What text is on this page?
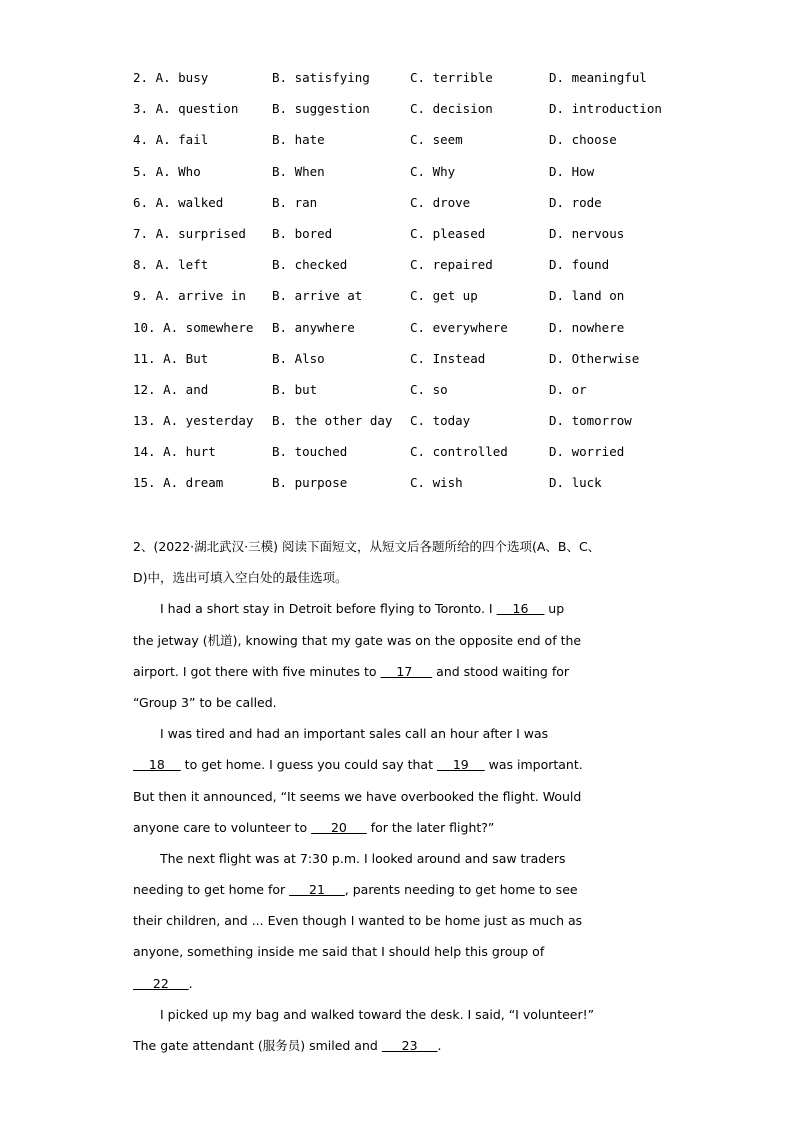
2. A. busy	B. satisfying	C. terrible	D. meaningful
3. A. question	B. suggestion	C. decision	D. introduction
4. A. fail	B. hate	C. seem	D. choose
5. A. Who	B. When	C. Why	D. How
6. A. walked	B. ran	C. drove	D. rode
7. A. surprised B. bored	C. pleased	D. nervous
8. A. left	B. checked	C. repaired	D. found
9. A. arrive in B. arrive at	C. get up	D. land on
10. A. somewhere B. anywhere	C. everywhere	D. nowhere
11. A. But	B. Also	C. Instead	D. Otherwise
12. A. and	B. but	C. so	D. or
13. A. yesterday B. the other day C. today	D. tomorrow
14. A. hurt	B. touched	C. controlled	D. worried
15. A. dream	B. purpose	C. wish	D. luck
2、(2022·湖北武汉·三模) 阅读下面短文，从短文后各题所给的四个选项(A、B、C、
D)中，选出可填入空白处的最佳选项。
I had a short stay in Detroit before flying to Toronto. I     16     up
the jetway (机道), knowing that my gate was on the opposite end of the
airport. I got there with five minutes to     17      and stood waiting for
“Group 3” to be called.
I was tired and had an important sales call an hour after I was
18     to get home. I guess you could say that     19     was important.
But then it announced, “It seems we have overbooked the flight. Would
anyone care to volunteer to      20      for the later flight?”
The next flight was at 7:30 p.m. I looked around and saw traders
needing to get home for      21     , parents needing to get home to see
their children, and ... Even though I wanted to be home just as much as
anyone, something inside me said that I should help this group of
22     .
I picked up my bag and walked toward the desk. I said, “I volunteer!”
The gate attendant (服务员) smiled and      23     .
